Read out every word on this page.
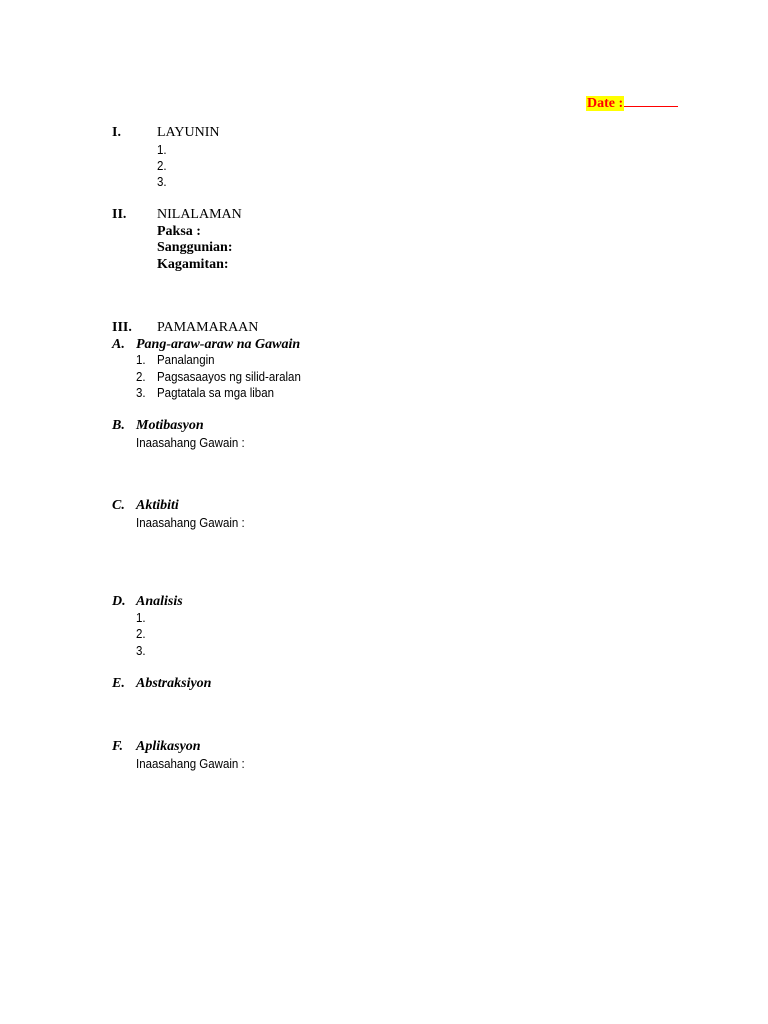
Date :
I.	LAYUNIN
1.
2.
3.
II. NILALAMAN
Paksa :
Sanggunian:
Kagamitan:
III. PAMAMARAAN
A. Pang-araw-araw na Gawain
1. Panalangin
2. Pagsasaayos ng silid-aralan
3. Pagtatala sa mga liban
B. Motibasyon
Inaasahang Gawain :
C. Aktibiti
Inaasahang Gawain :
D. Analisis
1.
2.
3.
E. Abstraksiyon
F. Aplikasyon
Inaasahang Gawain :
